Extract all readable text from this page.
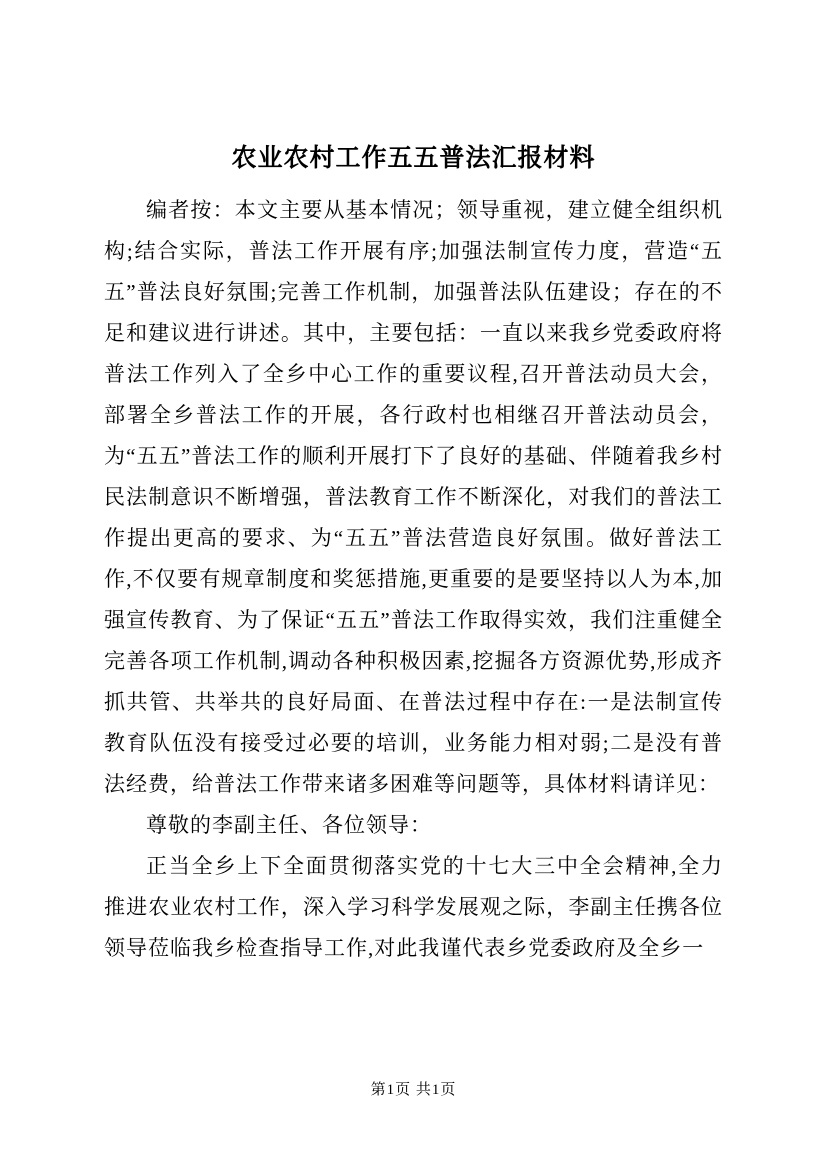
农业农村工作五五普法汇报材料

编者按：本文主要从基本情况；领导重视，建立健全组织机构;结合实际，普法工作开展有序;加强法制宣传力度，营造“五五”普法良好氛围;完善工作机制，加强普法队伍建设；存在的不足和建议进行讲述。其中，主要包括：一直以来我乡党委政府将普法工作列入了全乡中心工作的重要议程,召开普法动员大会，部署全乡普法工作的开展，各行政村也相继召开普法动员会，为“五五”普法工作的顺利开展打下了良好的基础、伴随着我乡村民法制意识不断增强，普法教育工作不断深化，对我们的普法工作提出更高的要求、为“五五”普法营造良好氛围。做好普法工作,不仅要有规章制度和奖惩措施,更重要的是要坚持以人为本,加强宣传教育、为了保证“五五”普法工作取得实效，我们注重健全完善各项工作机制,调动各种积极因素,挖掘各方资源优势,形成齐抓共管、共举共的良好局面、在普法过程中存在:一是法制宣传教育队伍没有接受过必要的培训，业务能力相对弱;二是没有普法经费，给普法工作带来诸多困难等问题等，具体材料请详见：

尊敬的李副主任、各位领导：

正当全乡上下全面贯彻落实党的十七大三中全会精神,全力推进农业农村工作，深入学习科学发展观之际，李副主任携各位领导莅临我乡检查指导工作,对此我谨代表乡党委政府及全乡一

第1页 共1页
